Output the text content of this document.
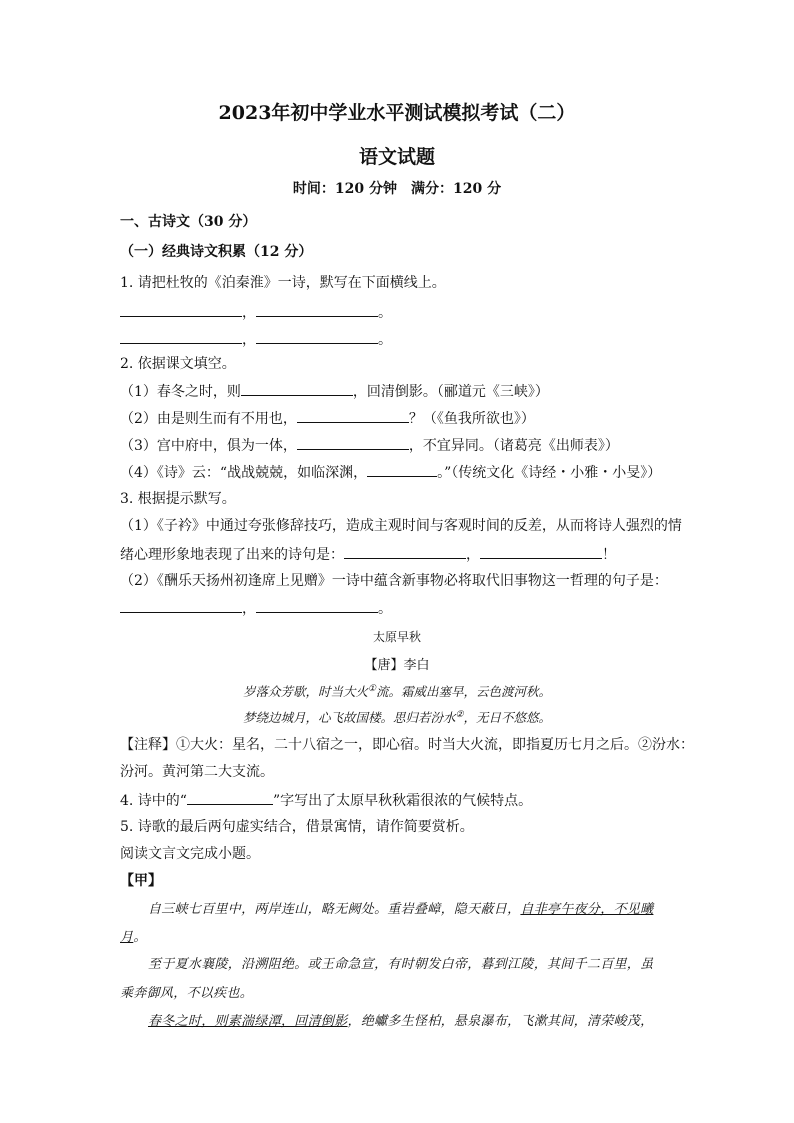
2023年初中学业水平测试模拟考试（二）
语文试题
时间：120 分钟　满分：120 分
一、古诗文（30 分）
（一）经典诗文积累（12 分）
1. 请把杜牧的《泊秦淮》一诗，默写在下面横线上。
，	。
，	。
2. 依据课文填空。
（1）春冬之时，则	，回清倒影。（郦道元《三峡》）
（2）由是则生而有不用也，	？（《鱼我所欲也》）
（3）宫中府中，俱为一体，	，不宜异同。（诸葛亮《出师表》）
（4）《诗》云：“战战兢兢，如临深渊，	。”（传统文化《诗经・小雅・小旻》）
3. 根据提示默写。
（1）《子衿》中通过夸张修辞技巧，造成主观时间与客观时间的反差，从而将诗人强烈的情
绪心理形象地表现了出来的诗句是：	，	！
（2）《酬乐天扬州初逢席上见赠》一诗中蕴含新事物必将取代旧事物这一哲理的句子是：
，	。
太原早秋
【唐】李白
岁落众芳歇，时当大火①流。霜威出塞早，云色渡河秋。
梦绕边城月，心飞故国楼。思归若汾水②，无日不悠悠。
【注释】①大火：星名，二十八宿之一，即心宿。时当大火流，即指夏历七月之后。②汾水：
汾河。黄河第二大支流。
4. 诗中的“	”字写出了太原早秋秋霜很浓的气候特点。
5. 诗歌的最后两句虚实结合，借景寓情，请作简要赏析。
阅读文言文完成小题。
【甲】
自三峡七百里中，两岸连山，略无阙处。重岩叠嶂，隐天蔽日，自非亭午夜分，不见曦
月。
至于夏水襄陵，沿溯阻绝。或王命急宣，有时朝发白帝，暮到江陵，其间千二百里，虽
乘奔御风，不以疾也。
春冬之时，则素湍绿潭，回清倒影，绝巘多生怪柏，悬泉瀑布，飞漱其间，清荣峻茂，
